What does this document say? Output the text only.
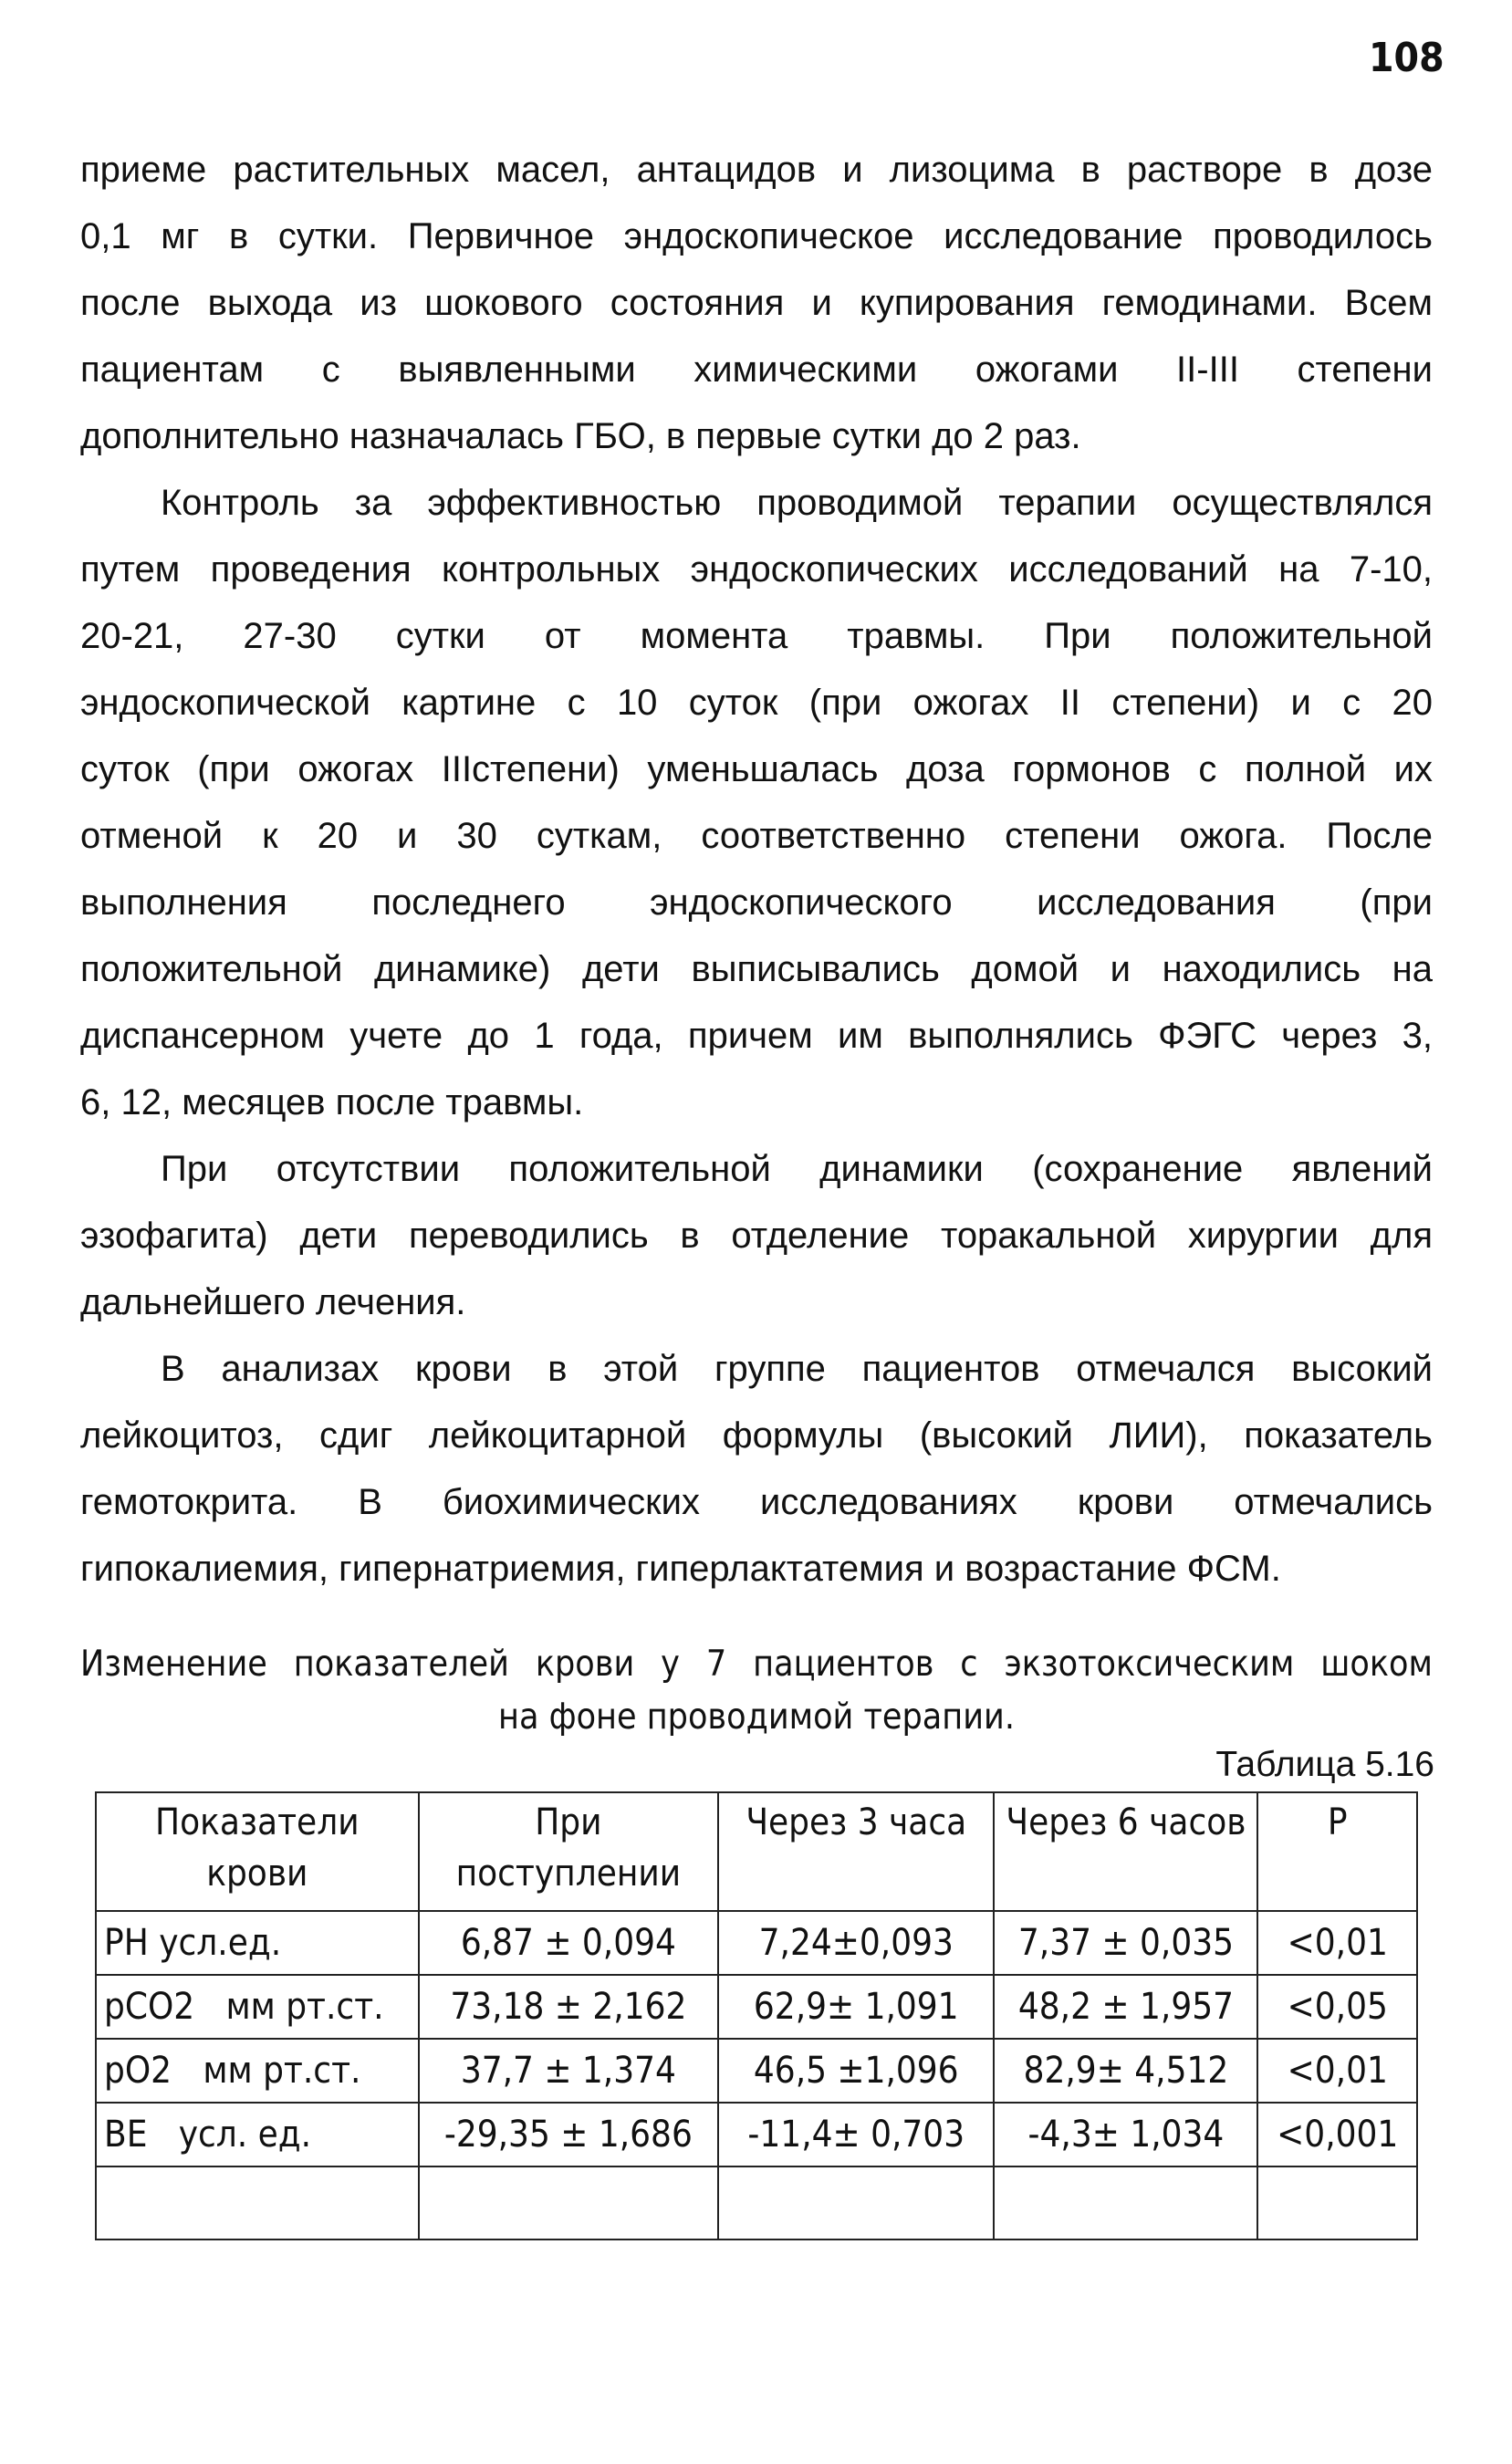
108
приеме растительных масел, антацидов и лизоцима в растворе в дозе
0,1 мг в сутки. Первичное эндоскопическое исследование проводилось
после выхода из шокового состояния и купирования гемодинами. Всем
пациентам с выявленными химическими ожогами II-III степени
дополнительно назначалась ГБО, в первые сутки до 2 раз.
Контроль за эффективностью проводимой терапии осуществлялся
путем проведения контрольных эндоскопических исследований на 7-10,
20-21, 27-30 сутки от момента травмы. При положительной
эндоскопической картине с 10 суток (при ожогах II степени) и с 20
суток (при ожогах IIIстепени) уменьшалась доза гормонов с полной их
отменой к 20 и 30 суткам, соответственно степени ожога. После
выполнения последнего эндоскопического исследования (при
положительной динамике) дети выписывались домой и находились на
диспансерном учете до 1 года, причем им выполнялись ФЭГС через 3,
6, 12, месяцев после травмы.
При отсутствии положительной динамики (сохранение явлений
эзофагита) дети переводились в отделение торакальной хирургии для
дальнейшего лечения.
В анализах крови в этой группе пациентов отмечался высокий
лейкоцитоз, сдиг лейкоцитарной формулы (высокий ЛИИ), показатель
гемотокрита. В биохимических исследованиях крови отмечались
гипокалиемия, гипернатриемия, гиперлактатемия и возрастание ФСМ.
Изменение показателей крови у 7 пациентов с экзотоксическим шоком
на фоне проводимой терапии.
Таблица 5.16
Показатели крови	При поступлении	Через 3 часа	Через 6 часов	P
PH усл.ед.	6,87 ± 0,094	7,24±0,093	7,37 ± 0,035	<0,01
pCO2   мм рт.ст.	73,18 ± 2,162	62,9± 1,091	48,2 ± 1,957	<0,05
pO2   мм рт.ст.	37,7 ± 1,374	46,5 ±1,096	82,9± 4,512	<0,01
BE   усл. ед.	-29,35 ± 1,686	-11,4± 0,703	-4,3± 1,034	<0,001
